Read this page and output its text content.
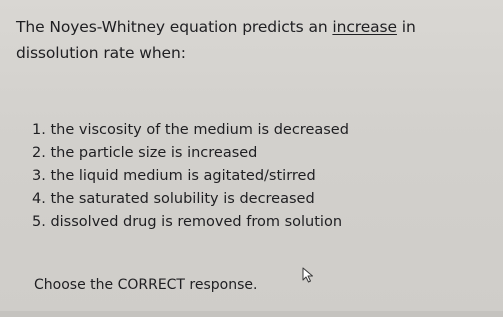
The Noyes-Whitney equation predicts an increase in dissolution rate when:
1. the viscosity of the medium is decreased
2. the particle size is increased
3. the liquid medium is agitated/stirred
4. the saturated solubility is decreased
5. dissolved drug is removed from solution
Choose the CORRECT response.
